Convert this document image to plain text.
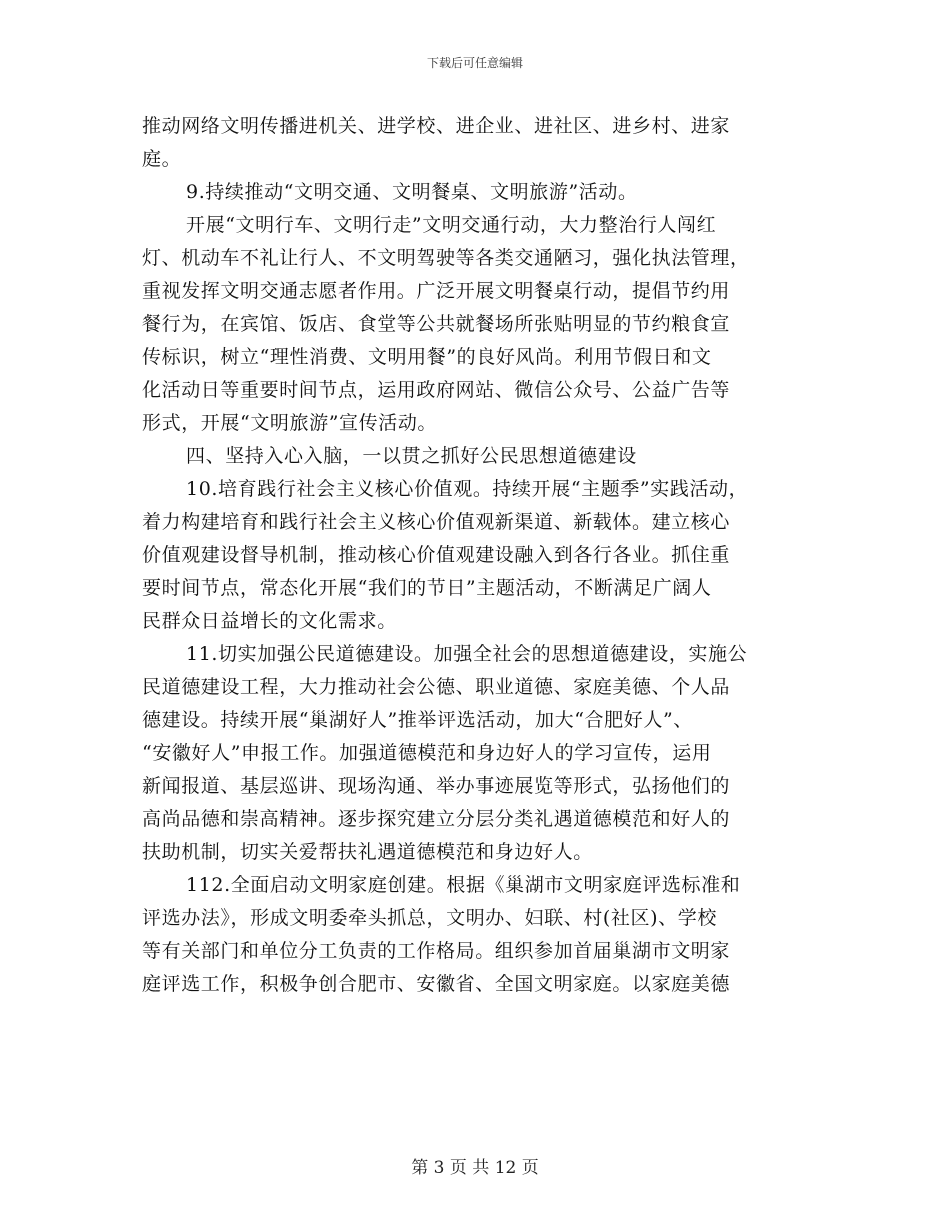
下载后可任意编辑
推动网络文明传播进机关、进学校、进企业、进社区、进乡村、进家
庭。
9.持续推动“文明交通、文明餐桌、文明旅游”活动。
开展“文明行车、文明行走”文明交通行动，大力整治行人闯红
灯、机动车不礼让行人、不文明驾驶等各类交通陋习，强化执法管理，
重视发挥文明交通志愿者作用。广泛开展文明餐桌行动，提倡节约用
餐行为，在宾馆、饭店、食堂等公共就餐场所张贴明显的节约粮食宣
传标识，树立“理性消费、文明用餐”的良好风尚。利用节假日和文
化活动日等重要时间节点，运用政府网站、微信公众号、公益广告等
形式，开展“文明旅游”宣传活动。
四、坚持入心入脑，一以贯之抓好公民思想道德建设
10.培育践行社会主义核心价值观。持续开展“主题季”实践活动，
着力构建培育和践行社会主义核心价值观新渠道、新载体。建立核心
价值观建设督导机制，推动核心价值观建设融入到各行各业。抓住重
要时间节点，常态化开展“我们的节日”主题活动，不断满足广阔人
民群众日益增长的文化需求。
11.切实加强公民道德建设。加强全社会的思想道德建设，实施公
民道德建设工程，大力推动社会公德、职业道德、家庭美德、个人品
德建设。持续开展“巢湖好人”推举评选活动，加大“合肥好人”、
“安徽好人”申报工作。加强道德模范和身边好人的学习宣传，运用
新闻报道、基层巡讲、现场沟通、举办事迹展览等形式，弘扬他们的
高尚品德和崇高精神。逐步探究建立分层分类礼遇道德模范和好人的
扶助机制，切实关爱帮扶礼遇道德模范和身边好人。
112.全面启动文明家庭创建。根据《巢湖市文明家庭评选标准和
评选办法》，形成文明委牵头抓总，文明办、妇联、村(社区)、学校
等有关部门和单位分工负责的工作格局。组织参加首届巢湖市文明家
庭评选工作，积极争创合肥市、安徽省、全国文明家庭。以家庭美德
第 3 页 共 12 页
